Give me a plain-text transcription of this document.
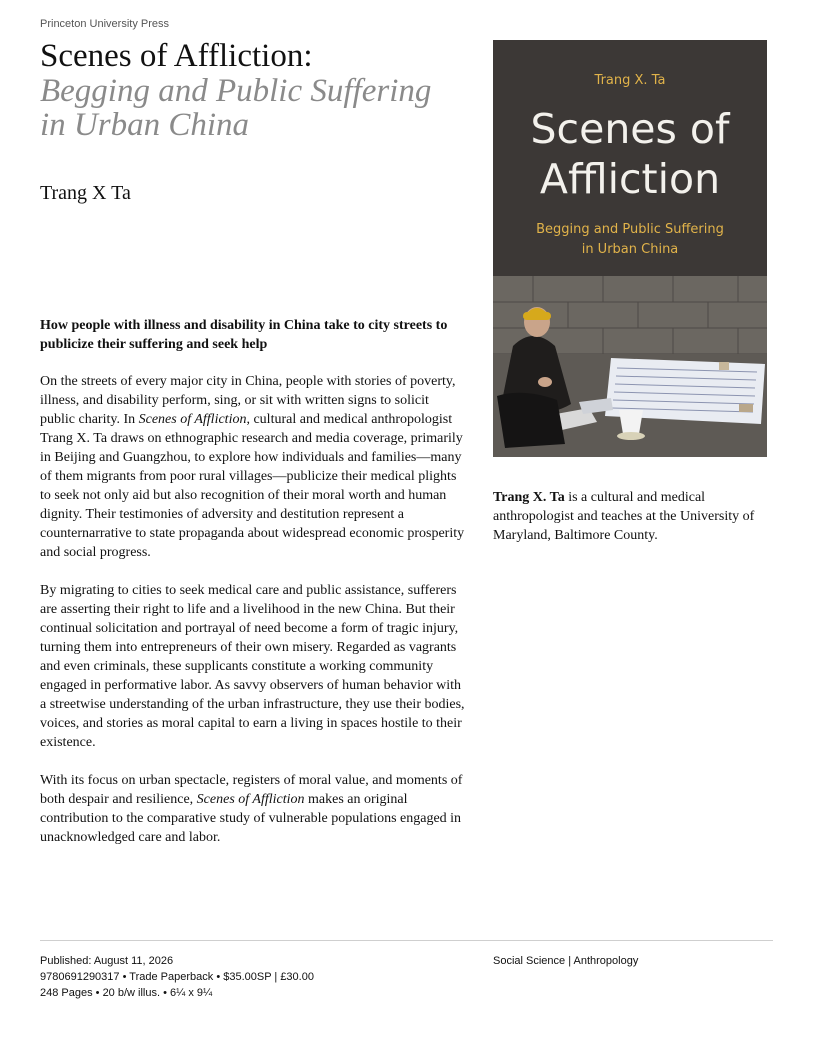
Princeton University Press
Scenes of Affliction:
Begging and Public Suffering
in Urban China
Trang X Ta
How people with illness and disability in China take to city streets to publicize their suffering and seek help

On the streets of every major city in China, people with stories of poverty, illness, and disability perform, sing, or sit with written signs to solicit public charity. In Scenes of Affliction, cultural and medical anthropologist Trang X. Ta draws on ethnographic research and media coverage, primarily in Beijing and Guangzhou, to explore how individuals and families—many of them migrants from poor rural villages—publicize their medical plights to seek not only aid but also recognition of their moral worth and human dignity. Their testimonies of adversity and destitution represent a counternarrative to state propaganda about widespread economic prosperity and social progress.

By migrating to cities to seek medical care and public assistance, sufferers are asserting their right to life and a livelihood in the new China. But their continual solicitation and portrayal of need become a form of tragic injury, turning them into entrepreneurs of their own misery. Regarded as vagrants and even criminals, these supplicants constitute a working community engaged in performative labor. As savvy observers of human behavior with a streetwise understanding of the urban infrastructure, they use their bodies, voices, and stories as moral capital to earn a living in spaces hostile to their existence.

With its focus on urban spectacle, registers of moral value, and moments of both despair and resilience, Scenes of Affliction makes an original contribution to the comparative study of vulnerable populations engaged in unacknowledged care and labor.

Trang X. Ta
Scenes of
Affliction
Begging and Public Suffering
in Urban China
Trang X. Ta is a cultural and medical anthropologist and teaches at the University of Maryland, Baltimore County.
Published: August 11, 2026
9780691290317 • Trade Paperback • $35.00SP | £30.00
248 Pages • 20 b/w illus. • 6¼ x 9¼
Social Science | Anthropology
